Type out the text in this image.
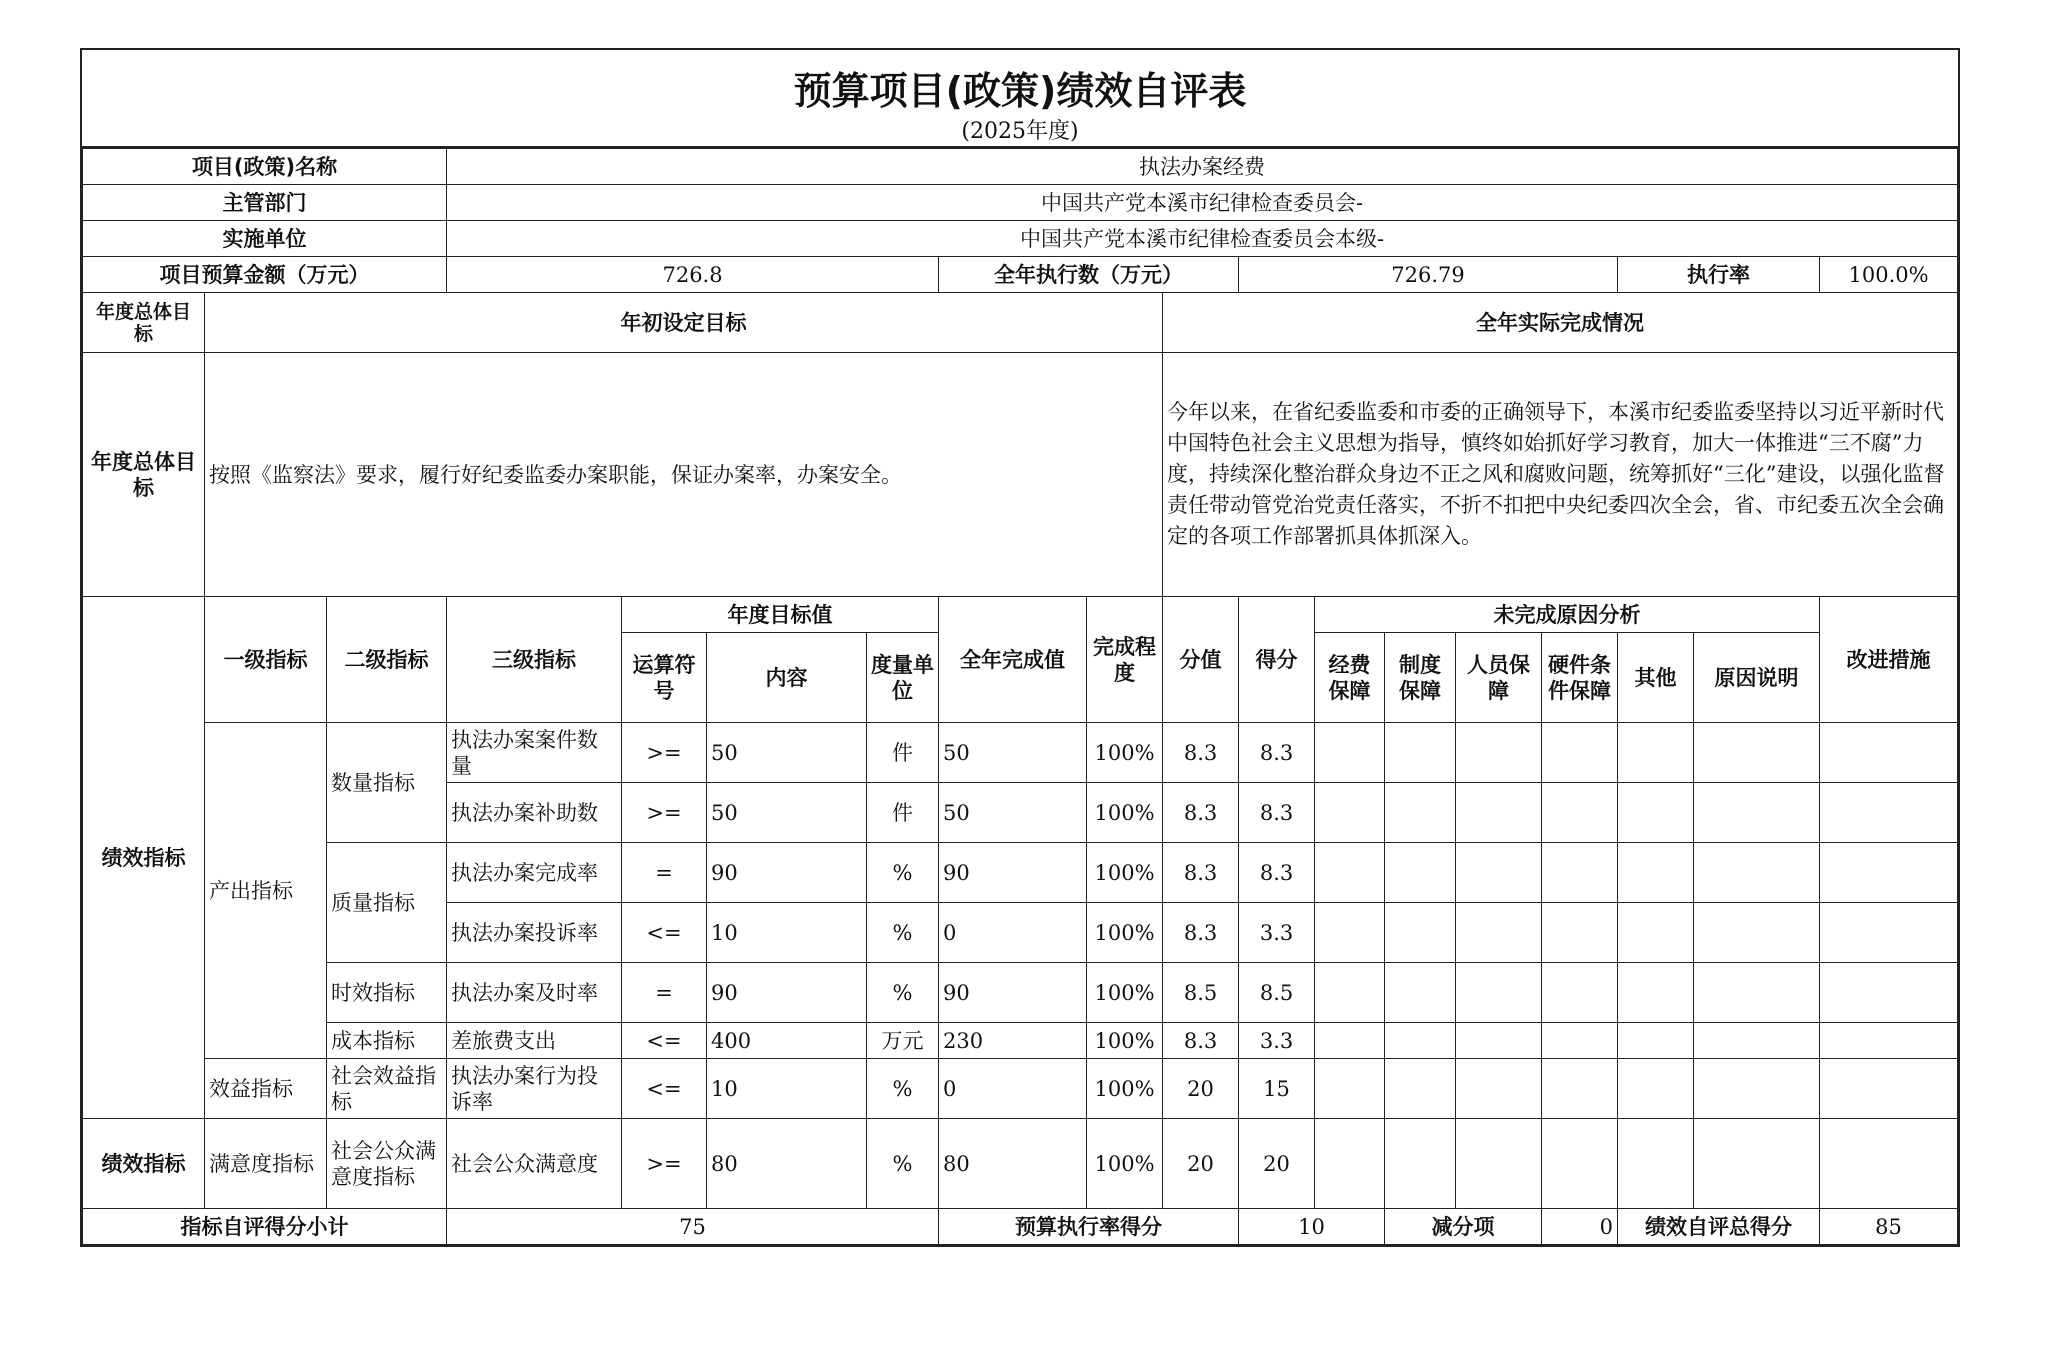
预算项目(政策)绩效自评表
(2025年度)
项目(政策)名称			执法办案经费														
主管部门			中国共产党本溪市纪律检查委员会-														
实施单位			中国共产党本溪市纪律检查委员会本级-														
项目预算金额（万元）			726.8				全年执行数（万元）			726.79					执行率		100.0%
年度总体目标	年初设定目标								全年实际完成情况								
年度总体目标	按照《监察法》要求，履行好纪委监委办案职能，保证办案率，办案安全。								今年以来，在省纪委监委和市委的正确领导下，本溪市纪委监委坚持以习近平新时代中国特色社会主义思想为指导，慎终如始抓好学习教育，加大一体推进“三不腐”力度，持续深化整治群众身边不正之风和腐败问题，统筹抓好“三化”建设，以强化监督责任带动管党治党责任落实，不折不扣把中央纪委四次全会，省、市纪委五次全会确定的各项工作部署抓具体抓深入。								
绩效指标	一级指标	二级指标	三级指标	年度目标值			全年完成值	完成程度	分值	得分	未完成原因分析						改进措施
				运算符号	内容	度量单位					经费保障	制度保障	人员保障	硬件条件保障	其他	原因说明	
	产出指标	数量指标	执法办案案件数量	>=	50	件	50	100%	8.3	8.3							
			执法办案补助数	>=	50	件	50	100%	8.3	8.3							
		质量指标	执法办案完成率	=	90	%	90	100%	8.3	8.3							
			执法办案投诉率	<=	10	%	0	100%	8.3	3.3							
		时效指标	执法办案及时率	=	90	%	90	100%	8.5	8.5							
		成本指标	差旅费支出	<=	400	万元	230	100%	8.3	3.3							
	效益指标	社会效益指标	执法办案行为投诉率	<=	10	%	0	100%	20	15							
绩效指标	满意度指标	社会公众满意度指标	社会公众满意度	>=	80	%	80	100%	20	20							
指标自评得分小计			75				预算执行率得分			10		减分项		0	绩效自评总得分		85
